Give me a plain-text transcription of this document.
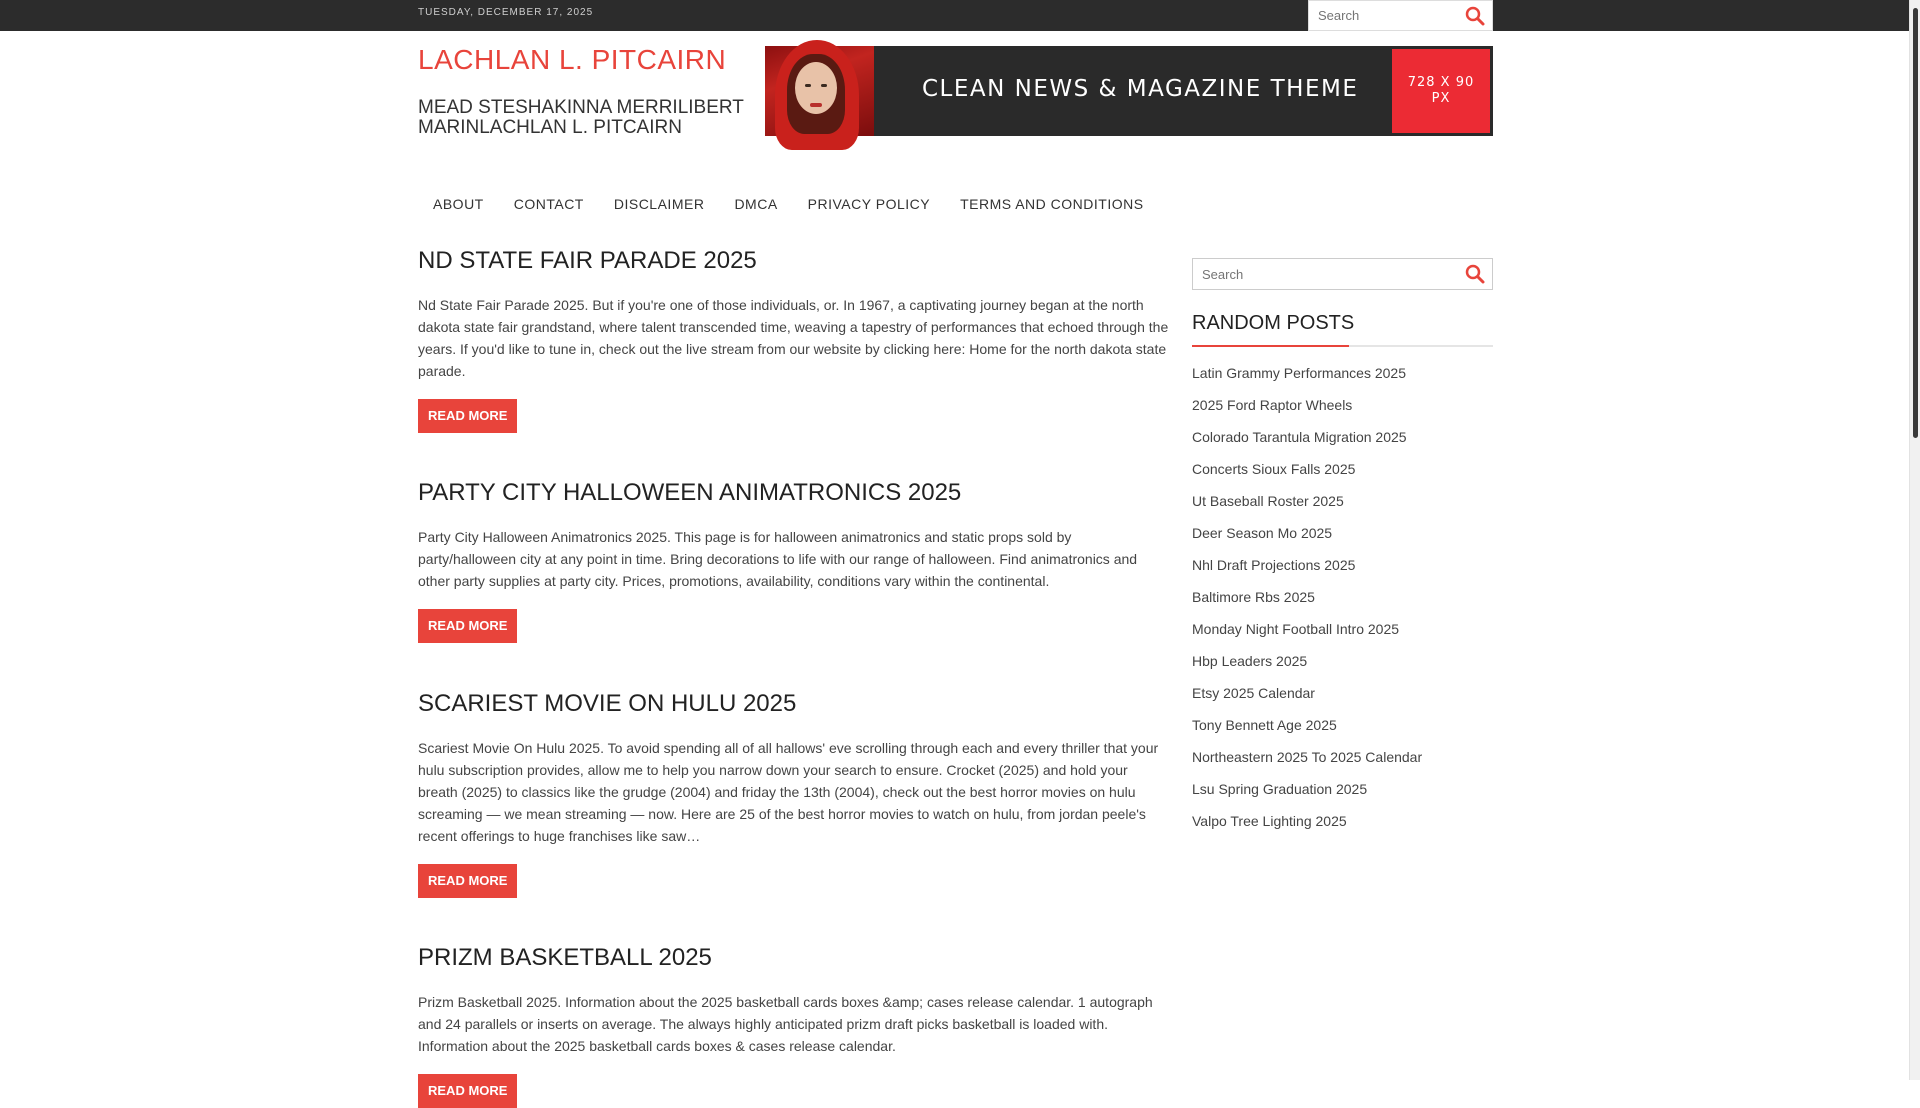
TUESDAY, DECEMBER 17, 2025
Search
LACHLAN L. PITCAIRN
MEAD STESHAKINNA MERRILIBERT MARINLACHLAN L. PITCAIRN
CLEAN NEWS & MAGAZINE THEME	728 X 90
PX
ABOUT	CONTACT	DISCLAIMER	DMCA	PRIVACY POLICY	TERMS AND CONDITIONS
ND STATE FAIR PARADE 2025

Nd State Fair Parade 2025. But if you're one of those individuals, or. In 1967, a captivating journey began at the north dakota state fair grandstand, where talent transcended time, weaving a tapestry of performances that echoed through the years. If you'd like to tune in, check out the live stream from our website by clicking here: Home for the north dakota state parade.

READ MORE
PARTY CITY HALLOWEEN ANIMATRONICS 2025

Party City Halloween Animatronics 2025. This page is for halloween animatronics and static props sold by party/halloween city at any point in time. Bring decorations to life with our range of halloween. Find animatronics and other party supplies at party city. Prices, promotions, availability, conditions vary within the continental.

READ MORE
SCARIEST MOVIE ON HULU 2025

Scariest Movie On Hulu 2025. To avoid spending all of all hallows' eve scrolling through each and every thriller that your hulu subscription provides, allow me to help you narrow down your search to ensure. Crocket (2025) and hold your breath (2025) to classics like the grudge (2004) and friday the 13th (2004), check out the best horror movies on hulu screaming — we mean streaming — now. Here are 25 of the best horror movies to watch on hulu, from jordan peele's recent offerings to huge franchises like saw…

READ MORE
PRIZM BASKETBALL 2025

Prizm Basketball 2025. Information about the 2025 basketball cards boxes &amp; cases release calendar. 1 autograph and 24 parallels or inserts on average. The always highly anticipated prizm draft picks basketball is loaded with. Information about the 2025 basketball cards boxes & cases release calendar.

READ MORE
Search
RANDOM POSTS
Latin Grammy Performances 2025
2025 Ford Raptor Wheels
Colorado Tarantula Migration 2025
Concerts Sioux Falls 2025
Ut Baseball Roster 2025
Deer Season Mo 2025
Nhl Draft Projections 2025
Baltimore Rbs 2025
Monday Night Football Intro 2025
Hbp Leaders 2025
Etsy 2025 Calendar
Tony Bennett Age 2025
Northeastern 2025 To 2025 Calendar
Lsu Spring Graduation 2025
Valpo Tree Lighting 2025
